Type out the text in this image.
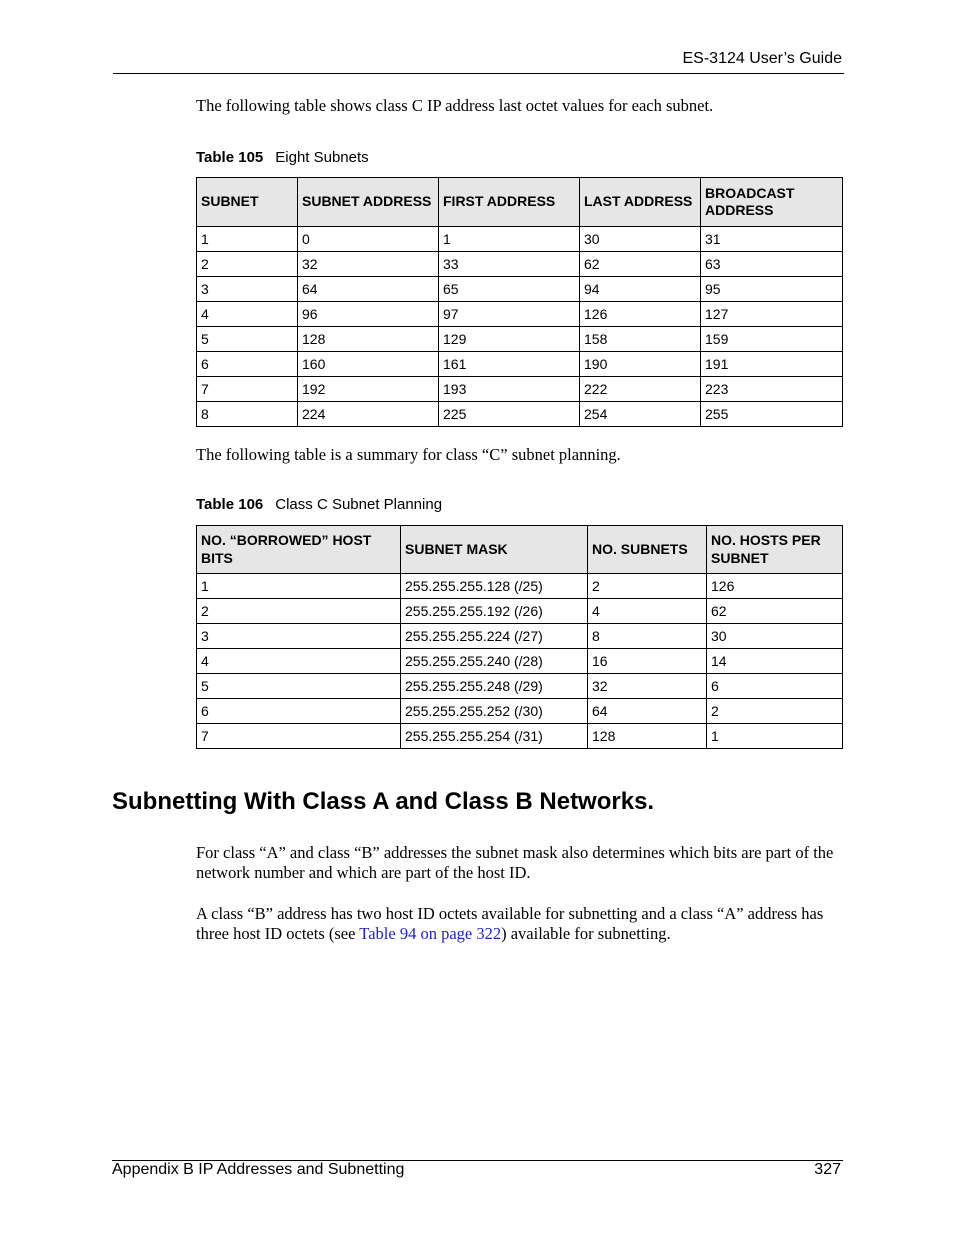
ES-3124 User’s Guide

The following table shows class C IP address last octet values for each subnet.

Table 105 Eight Subnets
SUBNET	SUBNET ADDRESS	FIRST ADDRESS	LAST ADDRESS	BROADCAST ADDRESS
1	0	1	30	31
2	32	33	62	63
3	64	65	94	95
4	96	97	126	127
5	128	129	158	159
6	160	161	190	191
7	192	193	222	223
8	224	225	254	255

The following table is a summary for class “C” subnet planning.

Table 106 Class C Subnet Planning
NO. “BORROWED” HOST BITS	SUBNET MASK	NO. SUBNETS	NO. HOSTS PER SUBNET
1	255.255.255.128 (/25)	2	126
2	255.255.255.192 (/26)	4	62
3	255.255.255.224 (/27)	8	30
4	255.255.255.240 (/28)	16	14
5	255.255.255.248 (/29)	32	6
6	255.255.255.252 (/30)	64	2
7	255.255.255.254 (/31)	128	1
Subnetting With Class A and Class B Networks.

For class “A” and class “B” addresses the subnet mask also determines which bits are part of the network number and which are part of the host ID.

A class “B” address has two host ID octets available for subnetting and a class “A” address has three host ID octets (see Table 94 on page 322) available for subnetting.

Appendix B IP Addresses and Subnetting	327
